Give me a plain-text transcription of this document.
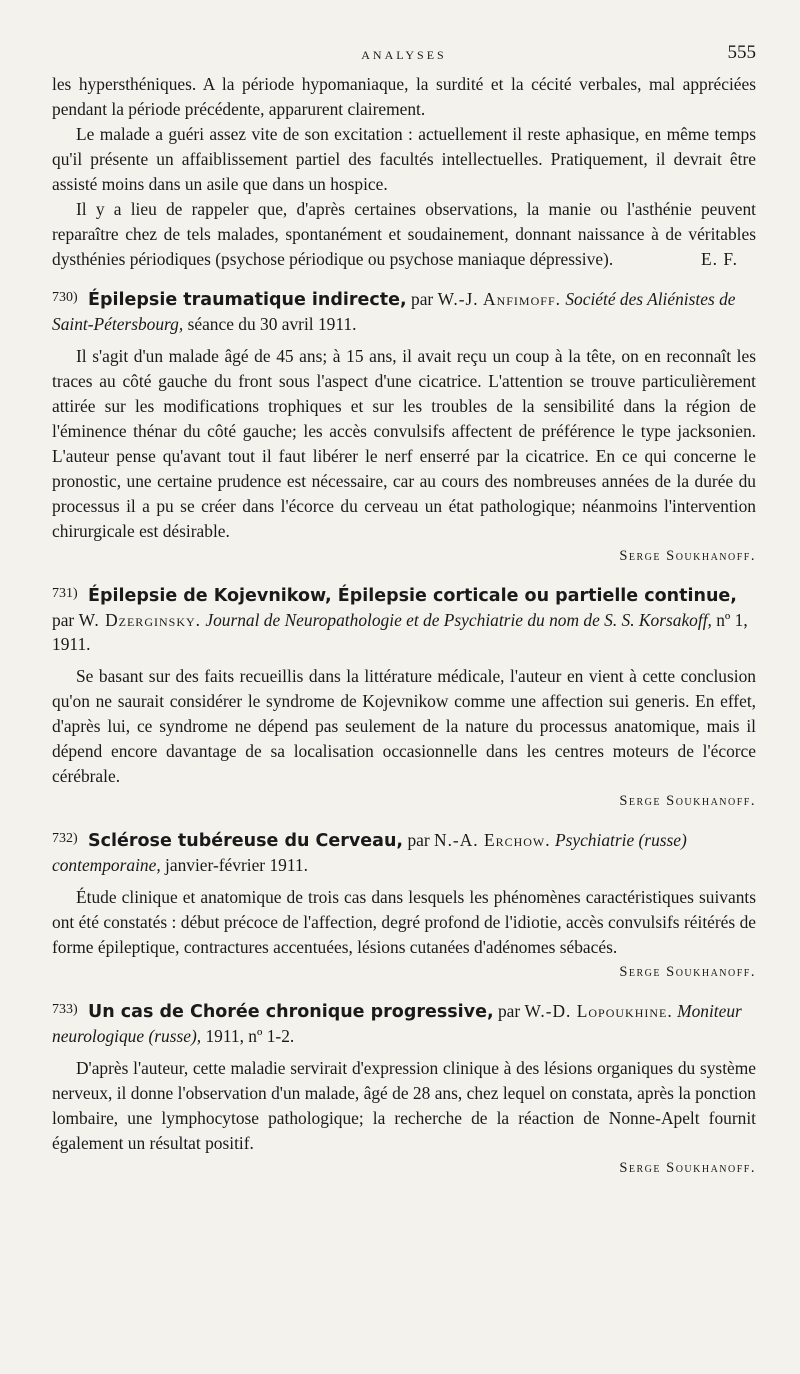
ANALYSES	555

les hypersthéniques. A la période hypomaniaque, la surdité et la cécité verbales, mal appréciées pendant la période précédente, apparurent clairement.

Le malade a guéri assez vite de son excitation : actuellement il reste aphasique, en même temps qu'il présente un affaiblissement partiel des facultés intellectuelles. Pratiquement, il devrait être assisté moins dans un asile que dans un hospice.

Il y a lieu de rappeler que, d'après certaines observations, la manie ou l'asthénie peuvent reparaître chez de tels malades, spontanément et soudainement, donnant naissance à de véritables dysthénies périodiques (psychose périodique ou psychose maniaque dépressive).	E. F.

$^{730)}$ Épilepsie traumatique indirecte, par W.-J. Anfimoff. Société des Aliénistes de Saint-Pétersbourg, séance du 30 avril 1911.

Il s'agit d'un malade âgé de 45 ans; à 15 ans, il avait reçu un coup à la tête, on en reconnaît les traces au côté gauche du front sous l'aspect d'une cicatrice. L'attention se trouve particulièrement attirée sur les modifications trophiques et sur les troubles de la sensibilité dans la région de l'éminence thénar du côté gauche; les accès convulsifs affectent de préférence le type jacksonien. L'auteur pense qu'avant tout il faut libérer le nerf enserré par la cicatrice. En ce qui concerne le pronostic, une certaine prudence est nécessaire, car au cours des nombreuses années de la durée du processus il a pu se créer dans l'écorce du cerveau un état pathologique; néanmoins l'intervention chirurgicale est désirable.

Serge Soukhanoff.
$^{731)}$ Épilepsie de Kojevnikow, Épilepsie corticale ou partielle continue, par W. Dzerginsky. Journal de Neuropathologie et de Psychiatrie du nom de S. S. Korsakoff, nº 1, 1911.

Se basant sur des faits recueillis dans la littérature médicale, l'auteur en vient à cette conclusion qu'on ne saurait considérer le syndrome de Kojevnikow comme une affection sui generis. En effet, d'après lui, ce syndrome ne dépend pas seulement de la nature du processus anatomique, mais il dépend encore davantage de sa localisation occasionnelle dans les centres moteurs de l'écorce cérébrale.

Serge Soukhanoff.
$^{732)}$ Sclérose tubéreuse du Cerveau, par N.-A. Erchow. Psychiatrie (russe) contemporaine, janvier-février 1911.

Étude clinique et anatomique de trois cas dans lesquels les phénomènes caractéristiques suivants ont été constatés : début précoce de l'affection, degré profond de l'idiotie, accès convulsifs réitérés de forme épileptique, contractures accentuées, lésions cutanées d'adénomes sébacés.

Serge Soukhanoff.
$^{733)}$ Un cas de Chorée chronique progressive, par W.-D. Lopoukhine. Moniteur neurologique (russe), 1911, nº 1-2.

D'après l'auteur, cette maladie servirait d'expression clinique à des lésions organiques du système nerveux, il donne l'observation d'un malade, âgé de 28 ans, chez lequel on constata, après la ponction lombaire, une lymphocytose pathologique; la recherche de la réaction de Nonne-Apelt fournit également un résultat positif.

Serge Soukhanoff.
